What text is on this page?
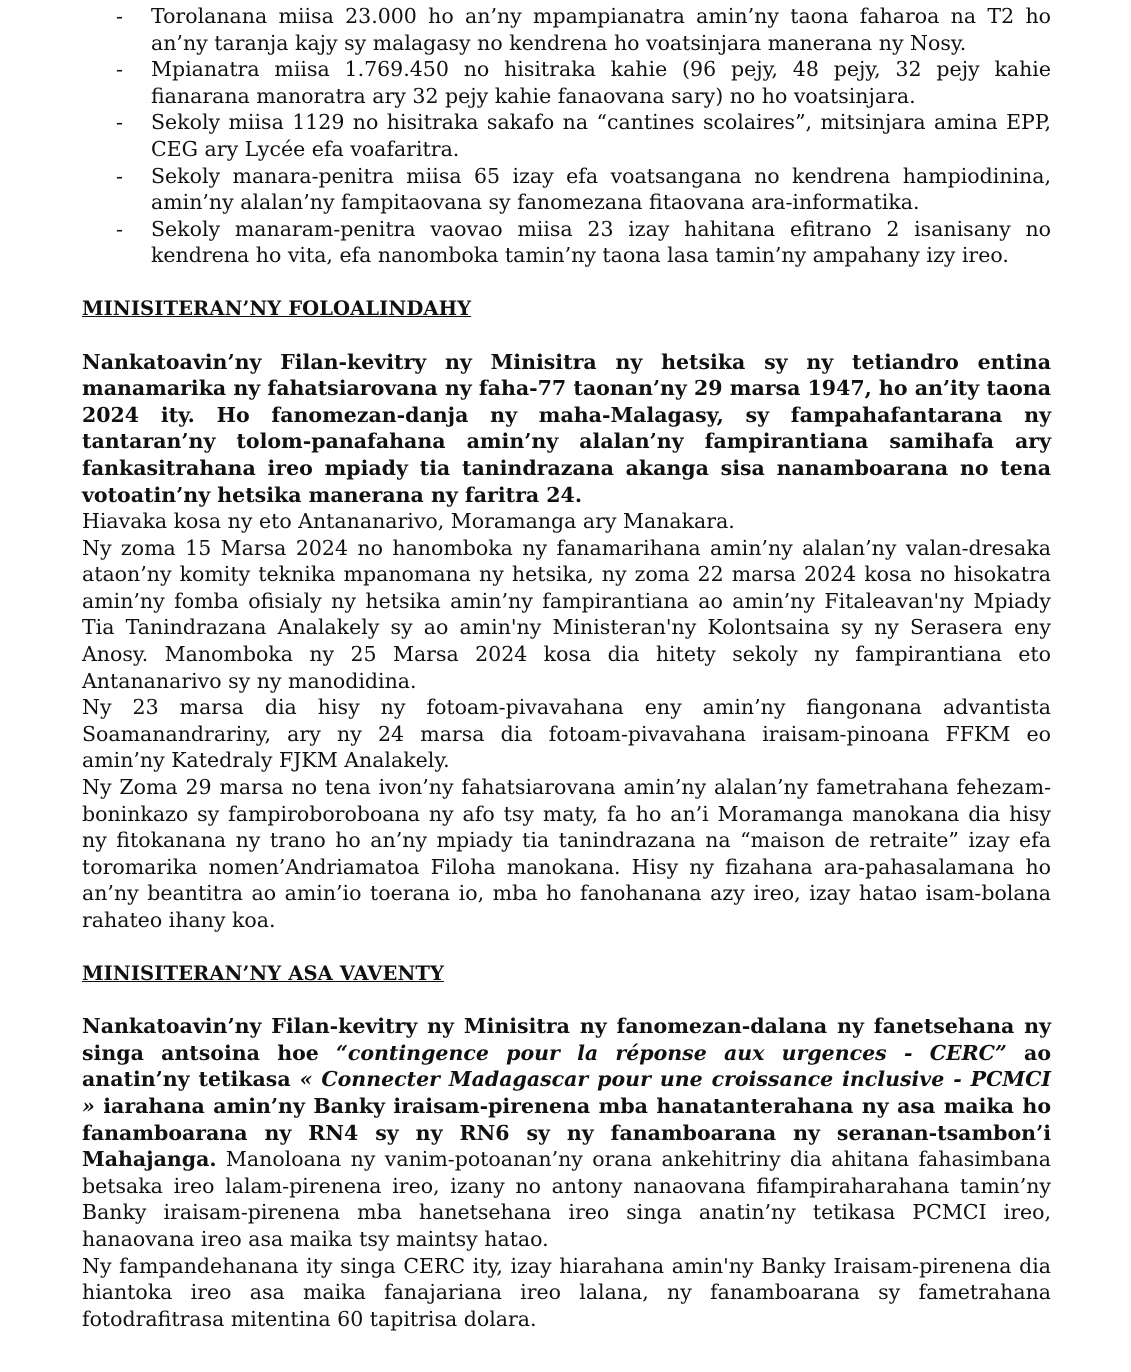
- Torolanana miisa 23.000 ho an’ny mpampianatra amin’ny taona faharoa na T2 ho an’ny taranja kajy sy malagasy no kendrena ho voatsinjara manerana ny Nosy.
- Mpianatra miisa 1.769.450 no hisitraka kahie (96 pejy, 48 pejy, 32 pejy kahie fianarana manoratra ary 32 pejy kahie fanaovana sary) no ho voatsinjara.
- Sekoly miisa 1129 no hisitraka sakafo na “cantines scolaires”, mitsinjara amina EPP, CEG ary Lycée efa voafaritra.
- Sekoly manara-penitra miisa 65 izay efa voatsangana no kendrena hampiodinina, amin’ny alalan’ny fampitaovana sy fanomezana fitaovana ara-informatika.
- Sekoly manaram-penitra vaovao miisa 23 izay hahitana efitrano 2 isanisany no kendrena ho vita, efa nanomboka tamin’ny taona lasa tamin’ny ampahany izy ireo.
MINISITERAN’NY FOLOALINDAHY

Nankatoavin’ny Filan-kevitry ny Minisitra ny hetsika sy ny tetiandro entina manamarika ny fahatsiarovana ny faha-77 taonan’ny 29 marsa 1947, ho an’ity taona 2024 ity. Ho fanomezan-danja ny maha-Malagasy, sy fampahafantarana ny tantaran’ny tolom-panafahana amin’ny alalan’ny fampirantiana samihafa ary fankasitrahana ireo mpiady tia tanindrazana akanga sisa nanamboarana no tena votoatin’ny hetsika manerana ny faritra 24.

Hiavaka kosa ny eto Antananarivo, Moramanga ary Manakara.

Ny zoma 15 Marsa 2024 no hanomboka ny fanamarihana amin’ny alalan’ny valan-dresaka ataon’ny komity teknika mpanomana ny hetsika, ny zoma 22 marsa 2024 kosa no hisokatra amin’ny fomba ofisialy ny hetsika amin’ny fampirantiana ao amin’ny Fitaleavan'ny Mpiady Tia Tanindrazana Analakely sy ao amin'ny Ministeran'ny Kolontsaina sy ny Serasera eny Anosy. Manomboka ny 25 Marsa 2024 kosa dia hitety sekoly ny fampirantiana eto Antananarivo sy ny manodidina.

Ny 23 marsa dia hisy ny fotoam-pivavahana eny amin’ny fiangonana advantista Soamanandrariny, ary ny 24 marsa dia fotoam-pivavahana iraisam-pinoana FFKM eo amin’ny Katedraly FJKM Analakely.

Ny Zoma 29 marsa no tena ivon’ny fahatsiarovana amin’ny alalan’ny fametrahana fehezam-boninkazo sy fampiroboroboana ny afo tsy maty, fa ho an’i Moramanga manokana dia hisy ny fitokanana ny trano ho an’ny mpiady tia tanindrazana na “maison de retraite” izay efa toromarika nomen’Andriamatoa Filoha manokana. Hisy ny fizahana ara-pahasalamana ho an’ny beantitra ao amin’io toerana io, mba ho fanohanana azy ireo, izay hatao isam-bolana rahateo ihany koa.

MINISITERAN’NY ASA VAVENTY

Nankatoavin’ny Filan-kevitry ny Minisitra ny fanomezan-dalana ny fanetsehana ny singa antsoina hoe “contingence pour la réponse aux urgences - CERC” ao anatin’ny tetikasa « Connecter Madagascar pour une croissance inclusive - PCMCI » iarahana amin’ny Banky iraisam-pirenena mba hanatanterahana ny asa maika ho fanamboarana ny RN4 sy ny RN6 sy ny fanamboarana ny seranan-tsambon’i Mahajanga. Manoloana ny vanim-potoanan’ny orana ankehitriny dia ahitana fahasimbana betsaka ireo lalam-pirenena ireo, izany no antony nanaovana fifampiraharahana tamin’ny Banky iraisam-pirenena mba hanetsehana ireo singa anatin’ny tetikasa PCMCI ireo, hanaovana ireo asa maika tsy maintsy hatao.

Ny fampandehanana ity singa CERC ity, izay hiarahana amin'ny Banky Iraisam-pirenena dia hiantoka ireo asa maika fanajariana ireo lalana, ny fanamboarana sy fametrahana fotodrafitrasa mitentina 60 tapitrisa dolara.
